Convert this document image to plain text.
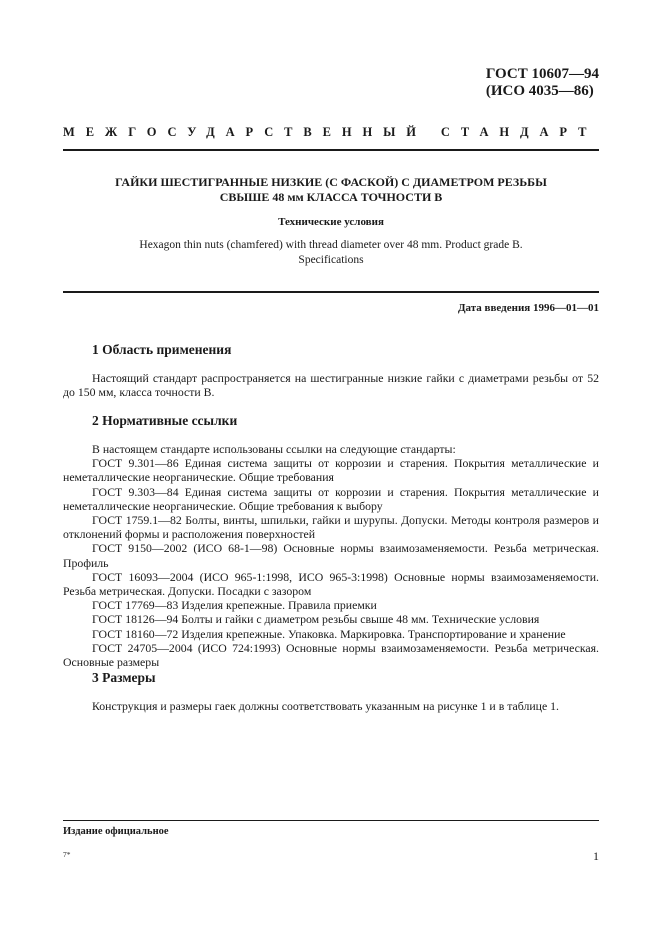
ГОСТ 10607—94
(ИСО 4035—86)
МЕЖГОСУДАРСТВЕННЫЙ СТАНДАРТ
ГАЙКИ ШЕСТИГРАННЫЕ НИЗКИЕ (С ФАСКОЙ) С ДИАМЕТРОМ РЕЗЬБЫ
СВЫШЕ 48 мм КЛАССА ТОЧНОСТИ В
Технические условия
Hexagon thin nuts (chamfered) with thread diameter over 48 mm. Product grade B.
Specifications
Дата введения 1996—01—01
1 Область применения

Настоящий стандарт распространяется на шестигранные низкие гайки с диаметрами резьбы от 52 до 150 мм, класса точности В.

2 Нормативные ссылки

В настоящем стандарте использованы ссылки на следующие стандарты:

ГОСТ 9.301—86 Единая система защиты от коррозии и старения. Покрытия металлические и неметаллические неорганические. Общие требования

ГОСТ 9.303—84 Единая система защиты от коррозии и старения. Покрытия металлические и неметаллические неорганические. Общие требования к выбору

ГОСТ 1759.1—82 Болты, винты, шпильки, гайки и шурупы. Допуски. Методы контроля размеров и отклонений формы и расположения поверхностей

ГОСТ 9150—2002 (ИСО 68-1—98) Основные нормы взаимозаменяемости. Резьба метрическая. Профиль

ГОСТ 16093—2004 (ИСО 965-1:1998, ИСО 965-3:1998) Основные нормы взаимозаменяемости. Резьба метрическая. Допуски. Посадки с зазором

ГОСТ 17769—83 Изделия крепежные. Правила приемки

ГОСТ 18126—94 Болты и гайки с диаметром резьбы свыше 48 мм. Технические условия

ГОСТ 18160—72 Изделия крепежные. Упаковка. Маркировка. Транспортирование и хранение

ГОСТ 24705—2004 (ИСО 724:1993) Основные нормы взаимозаменяемости. Резьба метрическая. Основные размеры

3 Размеры

Конструкция и размеры гаек должны соответствовать указанным на рисунке 1 и в таблице 1.

Издание официальное
7*	1
